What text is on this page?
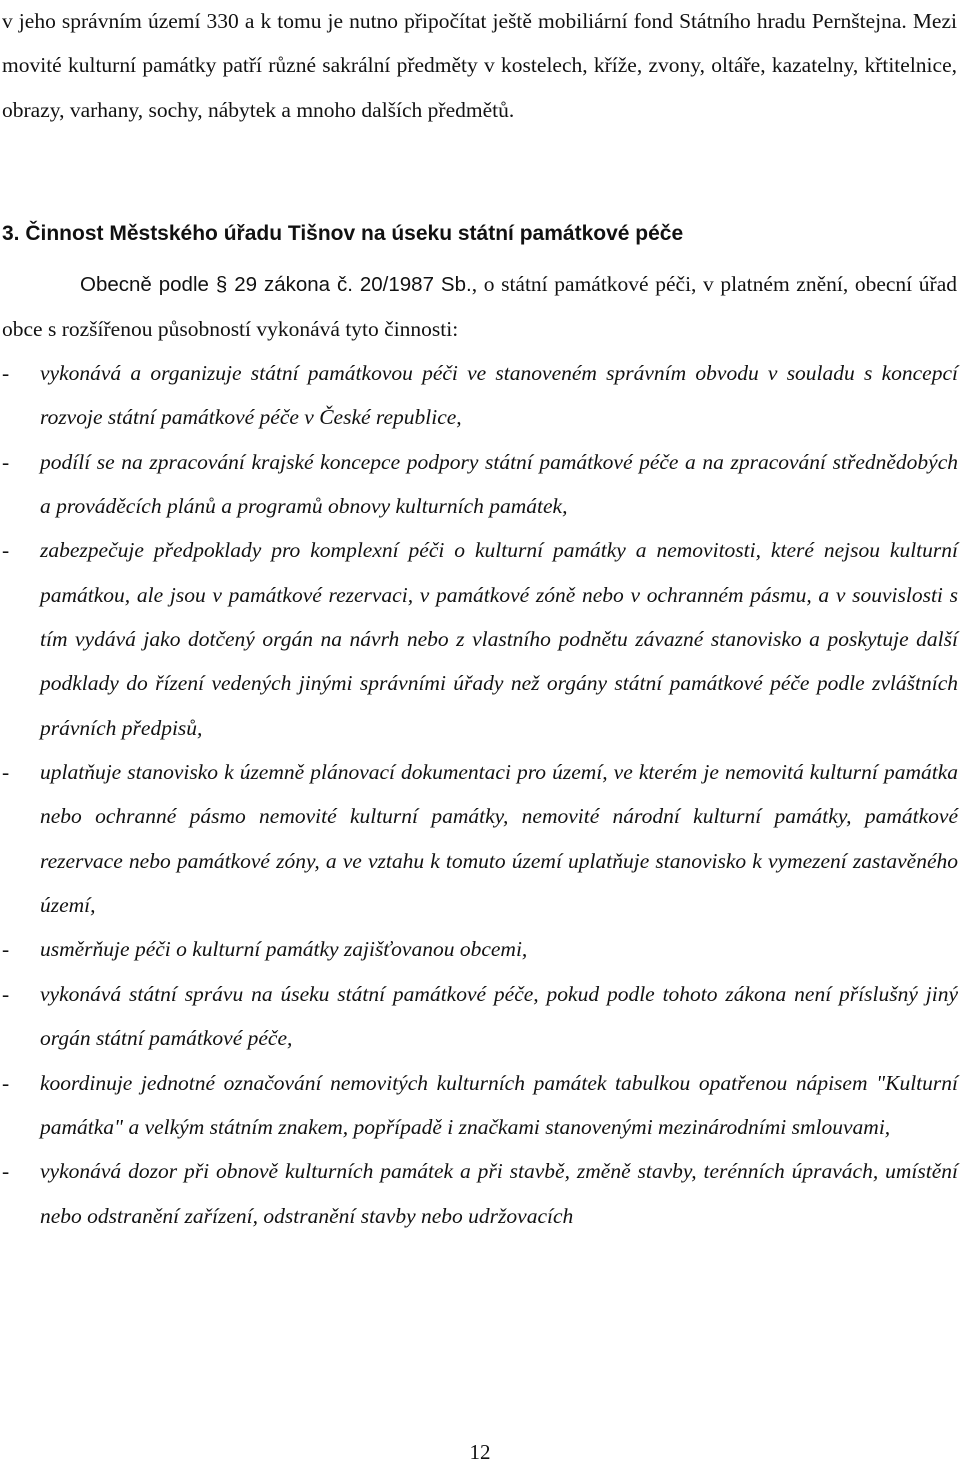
v jeho správním území 330 a k tomu je nutno připočítat ještě mobiliární fond Státního hradu Pernštejna. Mezi movité kulturní památky patří různé sakrální předměty v kostelech, kříže, zvony, oltáře, kazatelny, křtitelnice, obrazy, varhany, sochy, nábytek a mnoho dalších předmětů.

3. Činnost Městského úřadu Tišnov na úseku státní památkové péče

Obecně podle § 29 zákona č. 20/1987 Sb., o státní památkové péči, v platném znění, obecní úřad obce s rozšířenou působností vykonává tyto činnosti:

- vykonává a organizuje státní památkovou péči ve stanoveném správním obvodu v souladu s koncepcí rozvoje státní památkové péče v České republice,
- podílí se na zpracování krajské koncepce podpory státní památkové péče a na zpracování střednědobých a prováděcích plánů a programů obnovy kulturních památek,
- zabezpečuje předpoklady pro komplexní péči o kulturní památky a nemovitosti, které nejsou kulturní památkou, ale jsou v památkové rezervaci, v památkové zóně nebo v ochranném pásmu, a v souvislosti s tím vydává jako dotčený orgán na návrh nebo z vlastního podnětu závazné stanovisko a poskytuje další podklady do řízení vedených jinými správními úřady než orgány státní památkové péče podle zvláštních právních předpisů,
- uplatňuje stanovisko k územně plánovací dokumentaci pro území, ve kterém je nemovitá kulturní památka nebo ochranné pásmo nemovité kulturní památky, nemovité národní kulturní památky, památkové rezervace nebo památkové zóny, a ve vztahu k tomuto území uplatňuje stanovisko k vymezení zastavěného území,
- usměrňuje péči o kulturní památky zajišťovanou obcemi,
- vykonává státní správu na úseku státní památkové péče, pokud podle tohoto zákona není příslušný jiný orgán státní památkové péče,
- koordinuje jednotné označování nemovitých kulturních památek tabulkou opatřenou nápisem "Kulturní památka" a velkým státním znakem, popřípadě i značkami stanovenými mezinárodními smlouvami,
- vykonává dozor při obnově kulturních památek a při stavbě, změně stavby, terénních úpravách, umístění nebo odstranění zařízení, odstranění stavby nebo udržovacích
12
